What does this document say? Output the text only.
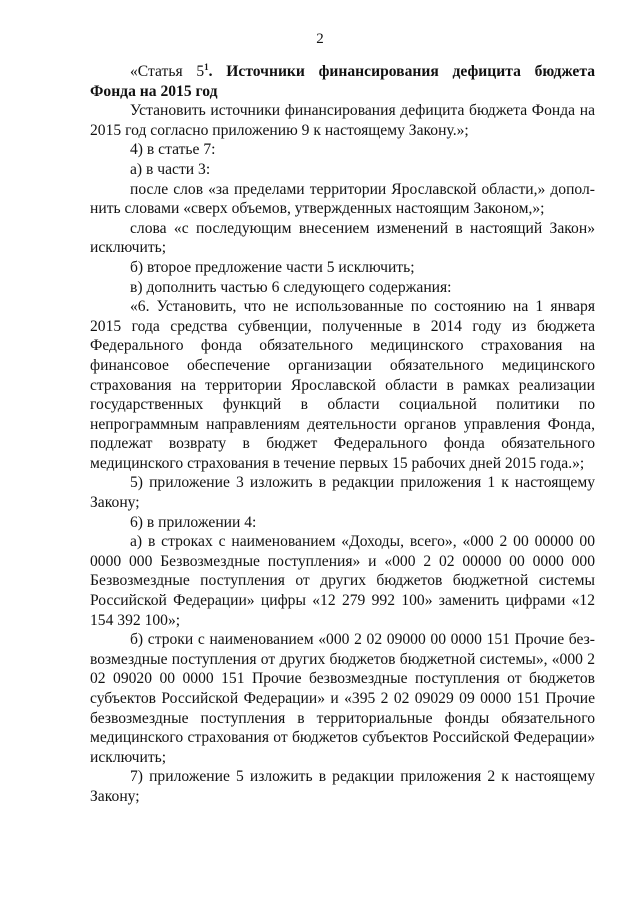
2

«Статья $5^1$. Источники финансирования дефицита бюджета Фонда на 2015 год

Установить источники финансирования дефицита бюджета Фонда на 2015 год согласно приложению 9 к настоящему Закону.»;

4) в статье 7:

а) в части 3:

после слов «за пределами территории Ярославской области,» дополнить словами «сверх объемов, утвержденных настоящим Законом,»;

слова «с последующим внесением изменений в настоящий Закон» исключить;

б) второе предложение части 5 исключить;

в) дополнить частью 6 следующего содержания:

«6. Установить, что не использованные по состоянию на 1 января 2015 года средства субвенции, полученные в 2014 году из бюджета Федерального фонда обязательного медицинского страхования на финансовое обеспечение организации обязательного медицинского страхования на территории Ярославской области в рамках реализации государственных функций в области социальной политики по непрограммным направлениям деятельности органов управления Фонда, подлежат возврату в бюджет Федерального фонда обязательного медицинского страхования в течение первых 15 рабочих дней 2015 года.»;

5) приложение 3 изложить в редакции приложения 1 к настоящему Закону;

6) в приложении 4:

а) в строках с наименованием «Доходы, всего», «000 2 00 00000 00 0000 000 Безвозмездные поступления» и «000 2 02 00000 00 0000 000 Безвозмездные поступления от других бюджетов бюджетной системы Российской Федерации» цифры «12 279 992 100» заменить цифрами «12 154 392 100»;

б) строки с наименованием «000 2 02 09000 00 0000 151 Прочие безвозмездные поступления от других бюджетов бюджетной системы», «000 2 02 09020 00 0000 151 Прочие безвозмездные поступления от бюджетов субъектов Российской Федерации» и «395 2 02 09029 09 0000 151 Прочие безвозмездные поступления в территориальные фонды обязательного медицинского страхования от бюджетов субъектов Российской Федерации» исключить;

7) приложение 5 изложить в редакции приложения 2 к настоящему Закону;
